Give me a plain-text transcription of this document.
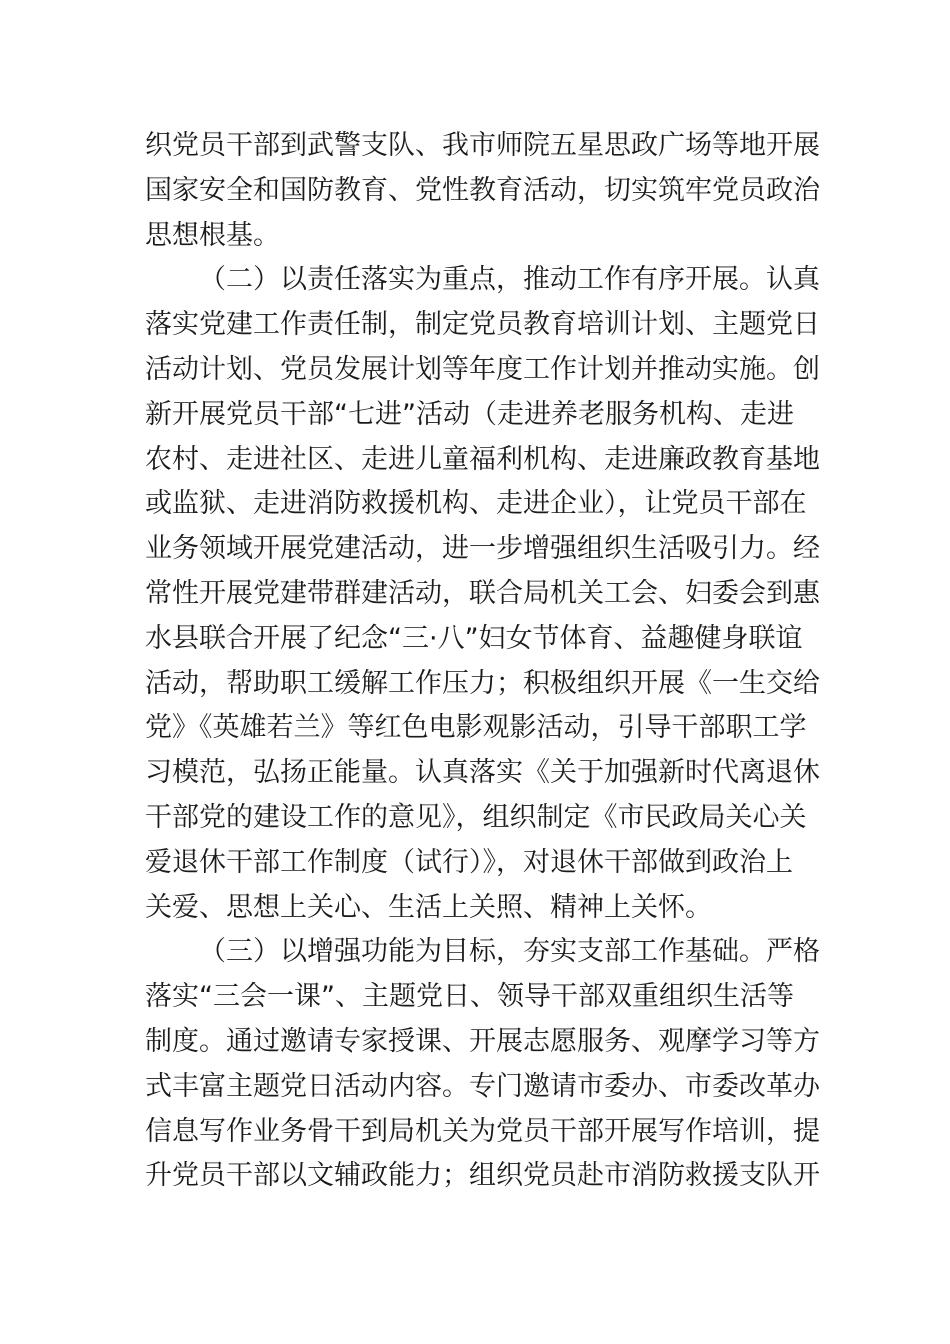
织党员干部到武警支队、我市师院五星思政广场等地开展
国家安全和国防教育、党性教育活动，切实筑牢党员政治
思想根基。
（二）以责任落实为重点，推动工作有序开展。认真
落实党建工作责任制，制定党员教育培训计划、主题党日
活动计划、党员发展计划等年度工作计划并推动实施。创
新开展党员干部“七进”活动（走进养老服务机构、走进
农村、走进社区、走进儿童福利机构、走进廉政教育基地
或监狱、走进消防救援机构、走进企业），让党员干部在
业务领域开展党建活动，进一步增强组织生活吸引力。经
常性开展党建带群建活动，联合局机关工会、妇委会到惠
水县联合开展了纪念“三·八”妇女节体育、益趣健身联谊
活动，帮助职工缓解工作压力；积极组织开展《一生交给
党》《英雄若兰》等红色电影观影活动，引导干部职工学
习模范，弘扬正能量。认真落实《关于加强新时代离退休
干部党的建设工作的意见》，组织制定《市民政局关心关
爱退休干部工作制度（试行）》，对退休干部做到政治上
关爱、思想上关心、生活上关照、精神上关怀。
（三）以增强功能为目标，夯实支部工作基础。严格
落实“三会一课”、主题党日、领导干部双重组织生活等
制度。通过邀请专家授课、开展志愿服务、观摩学习等方
式丰富主题党日活动内容。专门邀请市委办、市委改革办
信息写作业务骨干到局机关为党员干部开展写作培训，提
升党员干部以文辅政能力；组织党员赴市消防救援支队开
